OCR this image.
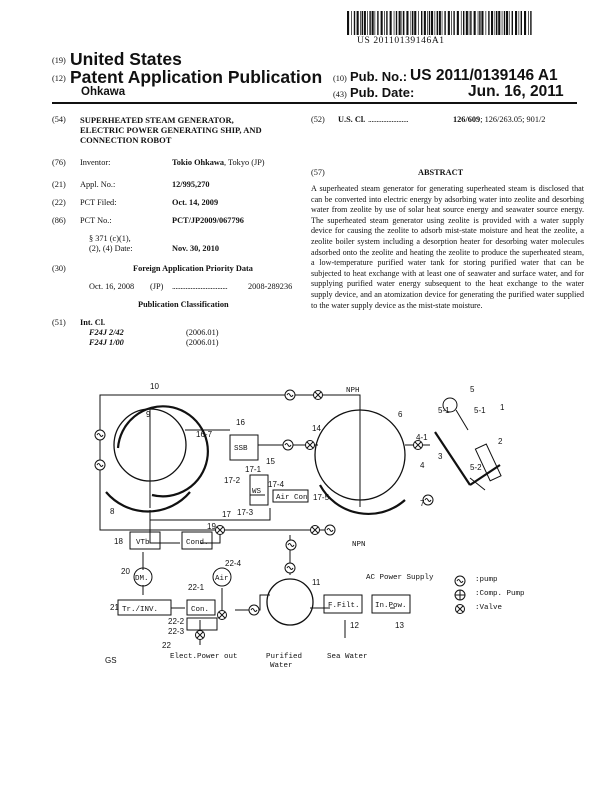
US 20110139146A1
(19) United States
(12) Patent Application Publication
Ohkawa
(10) Pub. No.: US 2011/0139146 A1
(43) Pub. Date:	Jun. 16, 2011
(54) SUPERHEATED STEAM GENERATOR,
ELECTRIC POWER GENERATING SHIP, AND
CONNECTION ROBOT
(76) Inventor:	Tokio Ohkawa, Tokyo (JP)
(21) Appl. No.:	12/995,270
(22) PCT Filed:	Oct. 14, 2009
(86) PCT No.:	PCT/JP2009/067796
§ 371 (c)(1),
(2), (4) Date:	Nov. 30, 2010
(30)	Foreign Application Priority Data
Oct. 16, 2008 (JP) .................................	2008-289236
Publication Classification
(51) Int. Cl.
F24J 2/42	(2006.01)
F24J 1/00	(2006.01)
(52) U.S. Cl. ........................	126/609; 126/263.05; 901/2
(57)	ABSTRACT
A superheated steam generator for generating superheated steam is disclosed that can be converted into electric energy by adsorbing water into zeolite and desorbing water from zeolite by use of solar heat source energy and seawater source energy. The superheated steam generator using zeolite is provided with a water supply device for causing the zeolite to adsorb mist-state moisture and heat the zeolite, a zeolite boiler system including a desorption heater for desorbing water molecules adsorbed onto the zeolite and heating the zeolite to produce the superheated steam, a low-temperature purified water tank for storing purified water that can be subjected to heat exchange with at least one of seawater and surface water, and for supplying purified water energy subsequent to the heat exchange to the water supply device, and an atomization device for generating the purified water supplied to the water supply device as the mist-state moisture.
10
9
8
6
7
16
16-7
14
15
17-1
17-2	17-4
17-5
17-3
17
18
19
20
21
22-1
22-2
22-3
22
22-4
11
12	13
5
5-1	5-1 1
2
3
4
4-1
5-2
GS
SSB
WS
Air Con
VTb	Cond.
DM.	Air
Tr./INV.	Con.	F.Filt. In.Pow.
NPH
NPN
AC Power Supply
Elect.Power out	Purified
Water
Sea Water
:pump
:Comp. Pump
:Valve
